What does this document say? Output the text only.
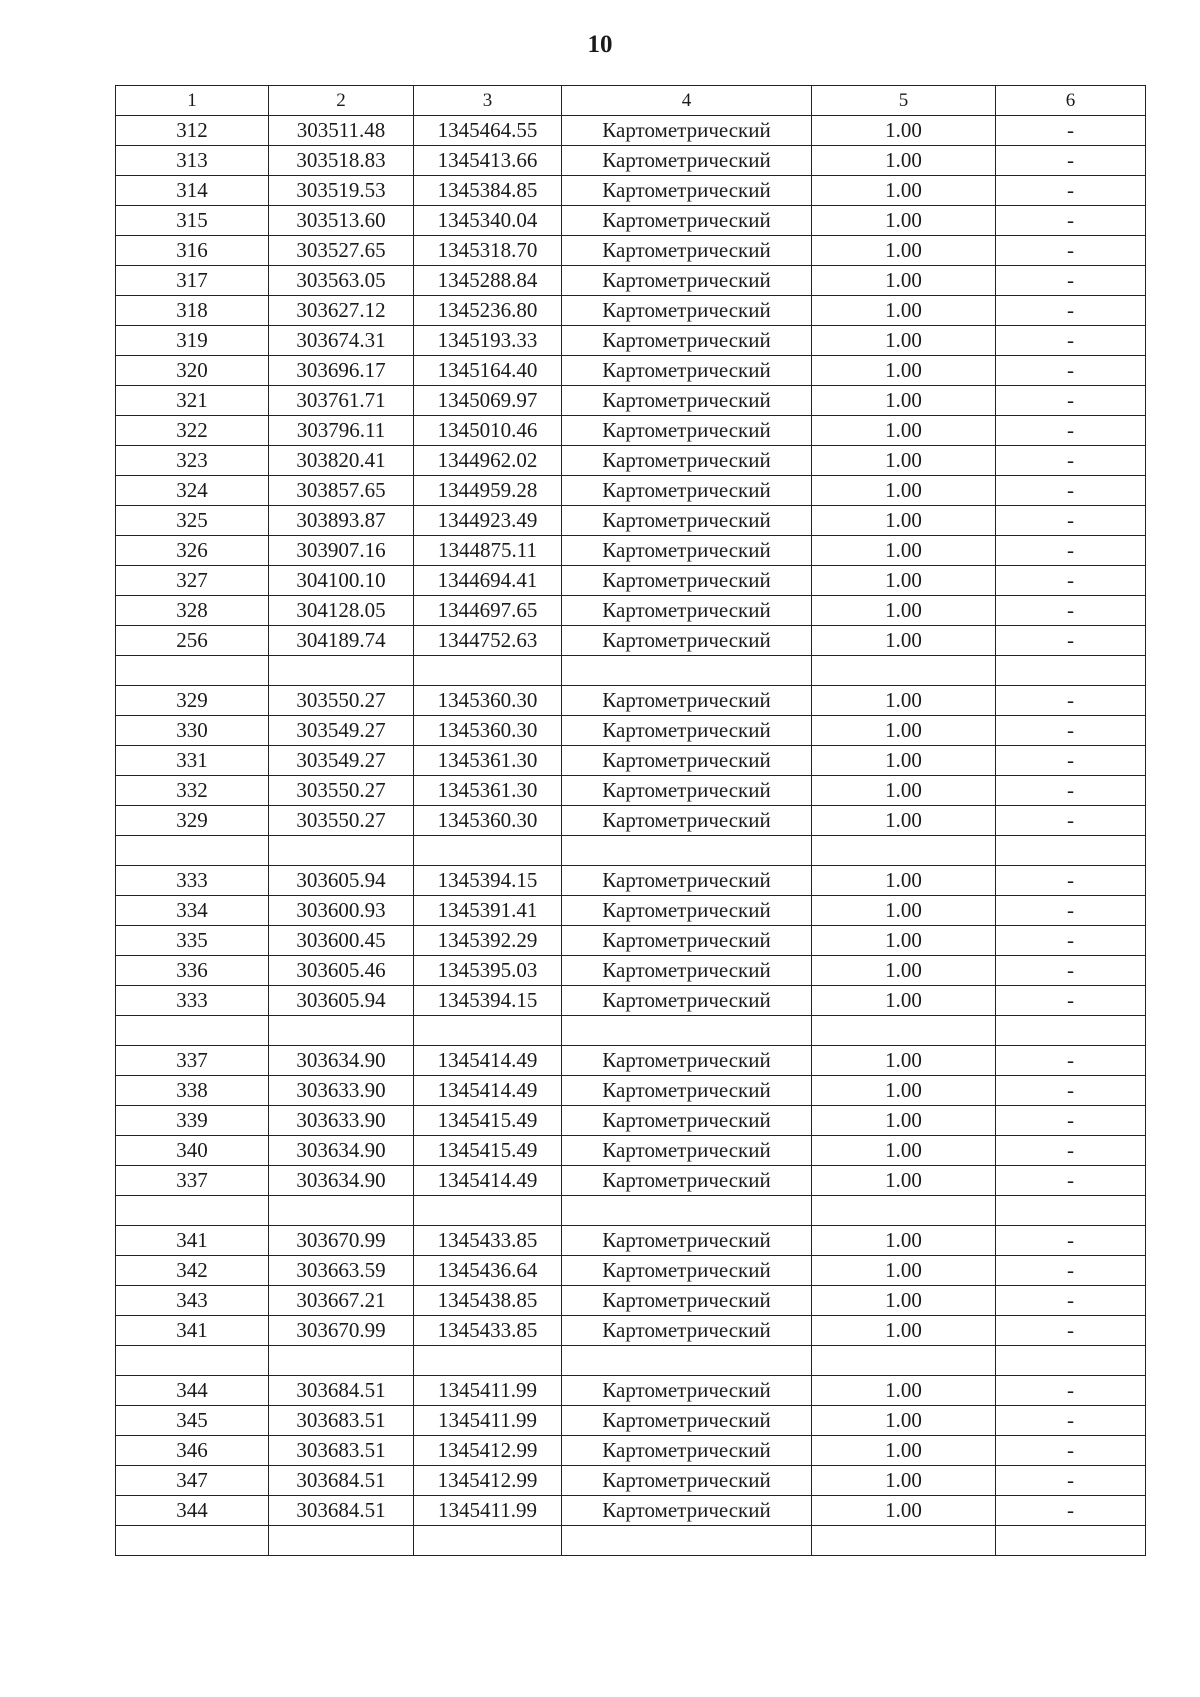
10
1	2	3	4	5	6
312	303511.48	1345464.55	Картометрический	1.00	-
313	303518.83	1345413.66	Картометрический	1.00	-
314	303519.53	1345384.85	Картометрический	1.00	-
315	303513.60	1345340.04	Картометрический	1.00	-
316	303527.65	1345318.70	Картометрический	1.00	-
317	303563.05	1345288.84	Картометрический	1.00	-
318	303627.12	1345236.80	Картометрический	1.00	-
319	303674.31	1345193.33	Картометрический	1.00	-
320	303696.17	1345164.40	Картометрический	1.00	-
321	303761.71	1345069.97	Картометрический	1.00	-
322	303796.11	1345010.46	Картометрический	1.00	-
323	303820.41	1344962.02	Картометрический	1.00	-
324	303857.65	1344959.28	Картометрический	1.00	-
325	303893.87	1344923.49	Картометрический	1.00	-
326	303907.16	1344875.11	Картометрический	1.00	-
327	304100.10	1344694.41	Картометрический	1.00	-
328	304128.05	1344697.65	Картометрический	1.00	-
256	304189.74	1344752.63	Картометрический	1.00	-

329	303550.27	1345360.30	Картометрический	1.00	-
330	303549.27	1345360.30	Картометрический	1.00	-
331	303549.27	1345361.30	Картометрический	1.00	-
332	303550.27	1345361.30	Картометрический	1.00	-
329	303550.27	1345360.30	Картометрический	1.00	-

333	303605.94	1345394.15	Картометрический	1.00	-
334	303600.93	1345391.41	Картометрический	1.00	-
335	303600.45	1345392.29	Картометрический	1.00	-
336	303605.46	1345395.03	Картометрический	1.00	-
333	303605.94	1345394.15	Картометрический	1.00	-

337	303634.90	1345414.49	Картометрический	1.00	-
338	303633.90	1345414.49	Картометрический	1.00	-
339	303633.90	1345415.49	Картометрический	1.00	-
340	303634.90	1345415.49	Картометрический	1.00	-
337	303634.90	1345414.49	Картометрический	1.00	-

341	303670.99	1345433.85	Картометрический	1.00	-
342	303663.59	1345436.64	Картометрический	1.00	-
343	303667.21	1345438.85	Картометрический	1.00	-
341	303670.99	1345433.85	Картометрический	1.00	-

344	303684.51	1345411.99	Картометрический	1.00	-
345	303683.51	1345411.99	Картометрический	1.00	-
346	303683.51	1345412.99	Картометрический	1.00	-
347	303684.51	1345412.99	Картометрический	1.00	-
344	303684.51	1345411.99	Картометрический	1.00	-
